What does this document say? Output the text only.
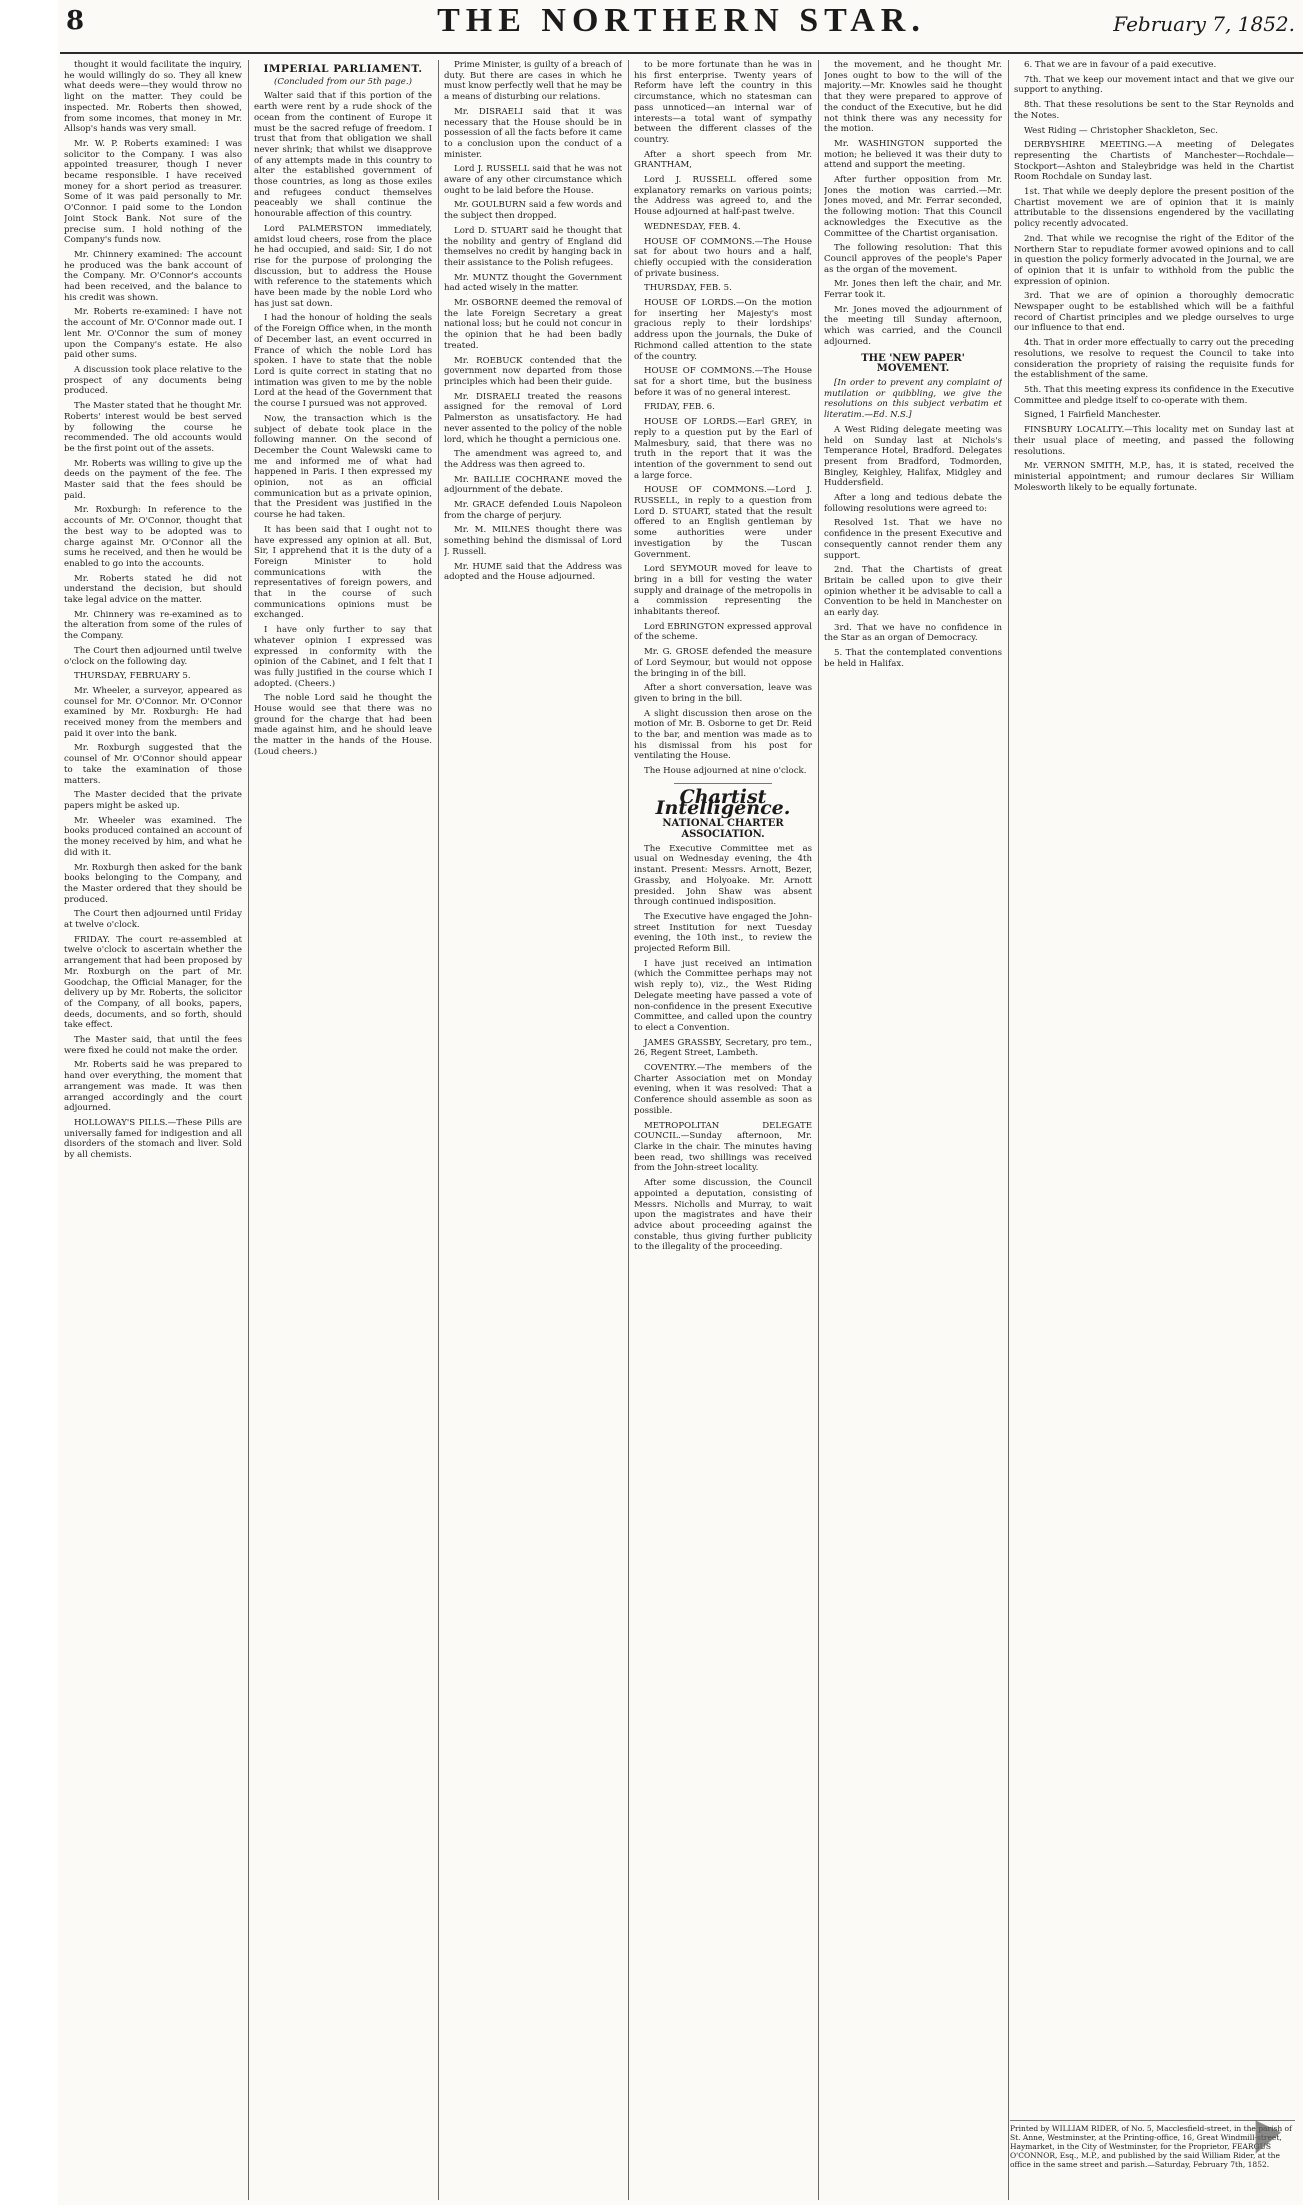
8	THE NORTHERN STAR.	February 7, 1852.

thought it would facilitate the inquiry, he would willingly do so. They all knew what deeds were—they would throw no light on the matter. They could be inspected. Mr. Roberts then showed, from some incomes, that money in Mr. Allsop's hands was very small.

Mr. W. P. Roberts examined: I was solicitor to the Company. I was also appointed treasurer, though I never became responsible. I have received money for a short period as treasurer. Some of it was paid personally to Mr. O'Connor. I paid some to the London Joint Stock Bank. Not sure of the precise sum. I hold nothing of the Company's funds now.

Mr. Chinnery examined: The account he produced was the bank account of the Company. Mr. O'Connor's accounts had been received, and the balance to his credit was shown.

Mr. Roberts re-examined: I have not the account of Mr. O'Connor made out. I lent Mr. O'Connor the sum of money upon the Company's estate. He also paid other sums.

A discussion took place relative to the prospect of any documents being produced.

The Master stated that he thought Mr. Roberts' interest would be best served by following the course he recommended. The old accounts would be the first point out of the assets.

Mr. Roberts was willing to give up the deeds on the payment of the fee. The Master said that the fees should be paid.

Mr. Roxburgh: In reference to the accounts of Mr. O'Connor, thought that the best way to be adopted was to charge against Mr. O'Connor all the sums he received, and then he would be enabled to go into the accounts.

Mr. Roberts stated he did not understand the decision, but should take legal advice on the matter.

Mr. Chinnery was re-examined as to the alteration from some of the rules of the Company.

The Court then adjourned until twelve o'clock on the following day.

THURSDAY, FEBRUARY 5.

Mr. Wheeler, a surveyor, appeared as counsel for Mr. O'Connor. Mr. O'Connor examined by Mr. Roxburgh: He had received money from the members and paid it over into the bank.

Mr. Roxburgh suggested that the counsel of Mr. O'Connor should appear to take the examination of those matters.

The Master decided that the private papers might be asked up.

Mr. Wheeler was examined. The books produced contained an account of the money received by him, and what he did with it.

Mr. Roxburgh then asked for the bank books belonging to the Company, and the Master ordered that they should be produced.

The Court then adjourned until Friday at twelve o'clock.

FRIDAY. The court re-assembled at twelve o'clock to ascertain whether the arrangement that had been proposed by Mr. Roxburgh on the part of Mr. Goodchap, the Official Manager, for the delivery up by Mr. Roberts, the solicitor of the Company, of all books, papers, deeds, documents, and so forth, should take effect.

The Master said, that until the fees were fixed he could not make the order.

Mr. Roberts said he was prepared to hand over everything, the moment that arrangement was made. It was then arranged accordingly and the court adjourned.

HOLLOWAY'S PILLS.—These Pills are universally famed for indigestion and all disorders of the stomach and liver. Sold by all chemists.

IMPERIAL PARLIAMENT.
(Concluded from our 5th page.)

Walter said that if this portion of the earth were rent by a rude shock of the ocean from the continent of Europe it must be the sacred refuge of freedom. I trust that from that obligation we shall never shrink; that whilst we disapprove of any attempts made in this country to alter the established government of those countries, as long as those exiles and refugees conduct themselves peaceably we shall continue the honourable affection of this country.

Lord PALMERSTON immediately, amidst loud cheers, rose from the place he had occupied, and said: Sir, I do not rise for the purpose of prolonging the discussion, but to address the House with reference to the statements which have been made by the noble Lord who has just sat down.

I had the honour of holding the seals of the Foreign Office when, in the month of December last, an event occurred in France of which the noble Lord has spoken. I have to state that the noble Lord is quite correct in stating that no intimation was given to me by the noble Lord at the head of the Government that the course I pursued was not approved.

Now, the transaction which is the subject of debate took place in the following manner. On the second of December the Count Walewski came to me and informed me of what had happened in Paris. I then expressed my opinion, not as an official communication but as a private opinion, that the President was justified in the course he had taken.

It has been said that I ought not to have expressed any opinion at all. But, Sir, I apprehend that it is the duty of a Foreign Minister to hold communications with the representatives of foreign powers, and that in the course of such communications opinions must be exchanged.

I have only further to say that whatever opinion I expressed was expressed in conformity with the opinion of the Cabinet, and I felt that I was fully justified in the course which I adopted. (Cheers.)

The noble Lord said he thought the House would see that there was no ground for the charge that had been made against him, and he should leave the matter in the hands of the House. (Loud cheers.)

Prime Minister, is guilty of a breach of duty. But there are cases in which he must know perfectly well that he may be a means of disturbing our relations.

Mr. DISRAELI said that it was necessary that the House should be in possession of all the facts before it came to a conclusion upon the conduct of a minister.

Lord J. RUSSELL said that he was not aware of any other circumstance which ought to be laid before the House.

Mr. GOULBURN said a few words and the subject then dropped.

Lord D. STUART said he thought that the nobility and gentry of England did themselves no credit by hanging back in their assistance to the Polish refugees.

Mr. MUNTZ thought the Government had acted wisely in the matter.

Mr. OSBORNE deemed the removal of the late Foreign Secretary a great national loss; but he could not concur in the opinion that he had been badly treated.

Mr. ROEBUCK contended that the government now departed from those principles which had been their guide.

Mr. DISRAELI treated the reasons assigned for the removal of Lord Palmerston as unsatisfactory. He had never assented to the policy of the noble lord, which he thought a pernicious one.

The amendment was agreed to, and the Address was then agreed to.

Mr. BAILLIE COCHRANE moved the adjournment of the debate.

Mr. GRACE defended Louis Napoleon from the charge of perjury.

Mr. M. MILNES thought there was something behind the dismissal of Lord J. Russell.

Mr. HUME said that the Address was adopted and the House adjourned.

to be more fortunate than he was in his first enterprise. Twenty years of Reform have left the country in this circumstance, which no statesman can pass unnoticed—an internal war of interests—a total want of sympathy between the different classes of the country.

After a short speech from Mr. GRANTHAM,

Lord J. RUSSELL offered some explanatory remarks on various points; the Address was agreed to, and the House adjourned at half-past twelve.

WEDNESDAY, FEB. 4.

HOUSE OF COMMONS.—The House sat for about two hours and a half, chiefly occupied with the consideration of private business.

THURSDAY, FEB. 5.

HOUSE OF LORDS.—On the motion for inserting her Majesty's most gracious reply to their lordships' address upon the journals, the Duke of Richmond called attention to the state of the country.

HOUSE OF COMMONS.—The House sat for a short time, but the business before it was of no general interest.

FRIDAY, FEB. 6.

HOUSE OF LORDS.—Earl GREY, in reply to a question put by the Earl of Malmesbury, said, that there was no truth in the report that it was the intention of the government to send out a large force.

HOUSE OF COMMONS.—Lord J. RUSSELL, in reply to a question from Lord D. STUART, stated that the result offered to an English gentleman by some authorities were under investigation by the Tuscan Government.

Lord SEYMOUR moved for leave to bring in a bill for vesting the water supply and drainage of the metropolis in a commission representing the inhabitants thereof.

Lord EBRINGTON expressed approval of the scheme.

Mr. G. GROSE defended the measure of Lord Seymour, but would not oppose the bringing in of the bill.

After a short conversation, leave was given to bring in the bill.

A slight discussion then arose on the motion of Mr. B. Osborne to get Dr. Reid to the bar, and mention was made as to his dismissal from his post for ventilating the House.

The House adjourned at nine o'clock.

Chartist Intelligence.
NATIONAL CHARTER ASSOCIATION.

The Executive Committee met as usual on Wednesday evening, the 4th instant. Present: Messrs. Arnott, Bezer, Grassby, and Holyoake. Mr. Arnott presided. John Shaw was absent through continued indisposition.

The Executive have engaged the John-street Institution for next Tuesday evening, the 10th inst., to review the projected Reform Bill.

I have just received an intimation (which the Committee perhaps may not wish reply to), viz., the West Riding Delegate meeting have passed a vote of non-confidence in the present Executive Committee, and called upon the country to elect a Convention.

JAMES GRASSBY, Secretary, pro tem., 26, Regent Street, Lambeth.

COVENTRY.—The members of the Charter Association met on Monday evening, when it was resolved: That a Conference should assemble as soon as possible.

METROPOLITAN DELEGATE COUNCIL.—Sunday afternoon, Mr. Clarke in the chair. The minutes having been read, two shillings was received from the John-street locality.

After some discussion, the Council appointed a deputation, consisting of Messrs. Nicholls and Murray, to wait upon the magistrates and have their advice about proceeding against the constable, thus giving further publicity to the illegality of the proceeding.

the movement, and he thought Mr. Jones ought to bow to the will of the majority.—Mr. Knowles said he thought that they were prepared to approve of the conduct of the Executive, but he did not think there was any necessity for the motion.

Mr. WASHINGTON supported the motion; he believed it was their duty to attend and support the meeting.

After further opposition from Mr. Jones the motion was carried.—Mr. Jones moved, and Mr. Ferrar seconded, the following motion: That this Council acknowledges the Executive as the Committee of the Chartist organisation.

The following resolution: That this Council approves of the people's Paper as the organ of the movement.

Mr. Jones then left the chair, and Mr. Ferrar took it.

Mr. Jones moved the adjournment of the meeting till Sunday afternoon, which was carried, and the Council adjourned.

THE 'NEW PAPER' MOVEMENT.

[In order to prevent any complaint of mutilation or quibbling, we give the resolutions on this subject verbatim et literatim.—Ed. N.S.]

A West Riding delegate meeting was held on Sunday last at Nichols's Temperance Hotel, Bradford. Delegates present from Bradford, Todmorden, Bingley, Keighley, Halifax, Midgley and Huddersfield.

After a long and tedious debate the following resolutions were agreed to:

Resolved 1st. That we have no confidence in the present Executive and consequently cannot render them any support.

2nd. That the Chartists of great Britain be called upon to give their opinion whether it be advisable to call a Convention to be held in Manchester on an early day.

3rd. That we have no confidence in the Star as an organ of Democracy.

5. That the contemplated conventions be held in Halifax.

6. That we are in favour of a paid executive.

7th. That we keep our movement intact and that we give our support to anything.

8th. That these resolutions be sent to the Star Reynolds and the Notes.

West Riding — Christopher Shackleton, Sec.

DERBYSHIRE MEETING.—A meeting of Delegates representing the Chartists of Manchester—Rochdale—Stockport—Ashton and Staleybridge was held in the Chartist Room Rochdale on Sunday last.

1st. That while we deeply deplore the present position of the Chartist movement we are of opinion that it is mainly attributable to the dissensions engendered by the vacillating policy recently advocated.

2nd. That while we recognise the right of the Editor of the Northern Star to repudiate former avowed opinions and to call in question the policy formerly advocated in the Journal, we are of opinion that it is unfair to withhold from the public the expression of opinion.

3rd. That we are of opinion a thoroughly democratic Newspaper ought to be established which will be a faithful record of Chartist principles and we pledge ourselves to urge our influence to that end.

4th. That in order more effectually to carry out the preceding resolutions, we resolve to request the Council to take into consideration the propriety of raising the requisite funds for the establishment of the same.

5th. That this meeting express its confidence in the Executive Committee and pledge itself to co-operate with them.

Signed, 1 Fairfield Manchester.

FINSBURY LOCALITY.—This locality met on Sunday last at their usual place of meeting, and passed the following resolutions.

Mr. VERNON SMITH, M.P., has, it is stated, received the ministerial appointment; and rumour declares Sir William Molesworth likely to be equally fortunate.

Printed by WILLIAM RIDER, of No. 5, Macclesfield-street, in the parish of St. Anne, Westminster, at the Printing-office, 16, Great Windmill-street, Haymarket, in the City of Westminster, for the Proprietor, FEARGUS O'CONNOR, Esq., M.P., and published by the said William Rider, at the office in the same street and parish.—Saturday, February 7th, 1852.
